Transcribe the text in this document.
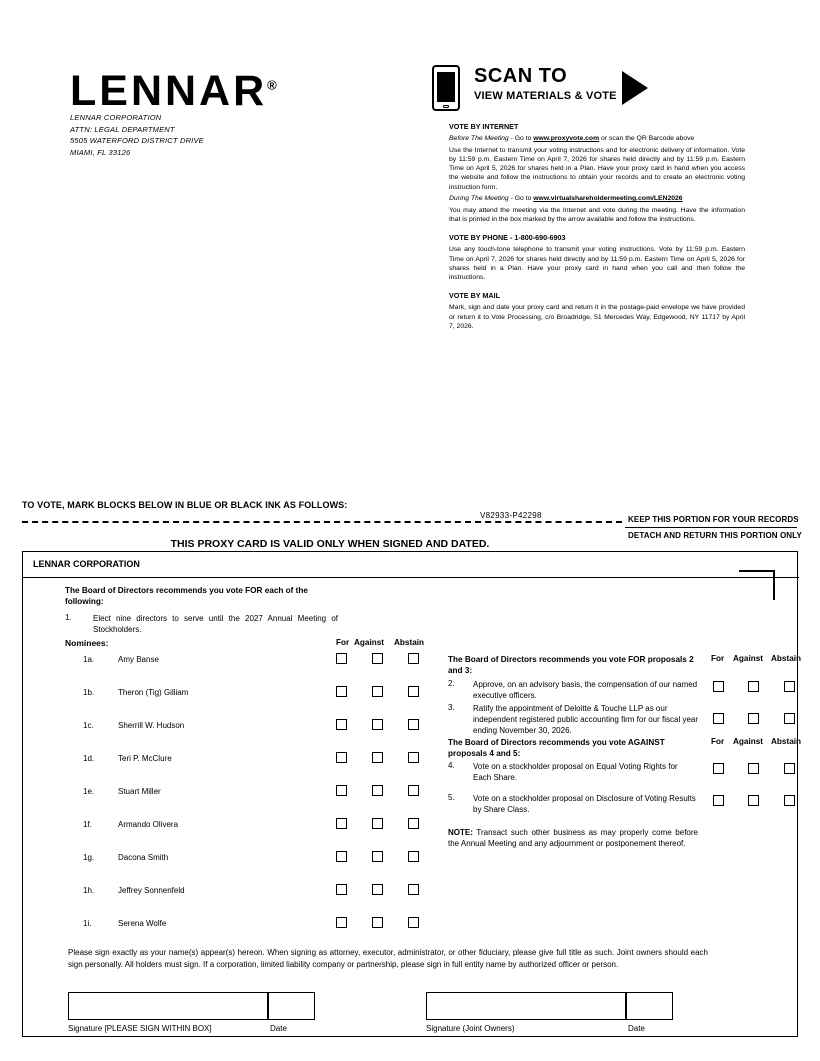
LENNAR®
LENNAR CORPORATION
ATTN: LEGAL DEPARTMENT
5505 WATERFORD DISTRICT DRIVE
MIAMI, FL 33126
SCAN TO
VIEW MATERIALS & VOTE
VOTE BY INTERNET

Before The Meeting - Go to www.proxyvote.com or scan the QR Barcode above

Use the Internet to transmit your voting instructions and for electronic delivery of information. Vote by 11:59 p.m. Eastern Time on April 7, 2026 for shares held directly and by 11:59 p.m. Eastern Time on April 5, 2026 for shares held in a Plan. Have your proxy card in hand when you access the website and follow the instructions to obtain your records and to create an electronic voting instruction form.

During The Meeting - Go to www.virtualshareholdermeeting.com/LEN2026

You may attend the meeting via the Internet and vote during the meeting. Have the information that is printed in the box marked by the arrow available and follow the instructions.

VOTE BY PHONE - 1-800-690-6903

Use any touch-tone telephone to transmit your voting instructions. Vote by 11:59 p.m. Eastern Time on April 7, 2026 for shares held directly and by 11:59 p.m. Eastern Time on April 5, 2026 for shares held in a Plan. Have your proxy card in hand when you call and then follow the instructions.

VOTE BY MAIL

Mark, sign and date your proxy card and return it in the postage-paid envelope we have provided or return it to Vote Processing, c/o Broadridge, 51 Mercedes Way, Edgewood, NY 11717 by April 7, 2026.

TO VOTE, MARK BLOCKS BELOW IN BLUE OR BLACK INK AS FOLLOWS:
V82933-P42298	KEEP THIS PORTION FOR YOUR RECORDS
DETACH AND RETURN THIS PORTION ONLY
THIS PROXY CARD IS VALID ONLY WHEN SIGNED AND DATED.
LENNAR CORPORATION
The Board of Directors recommends you vote FOR each of the following:
1.	Elect nine directors to serve until the 2027 Annual Meeting of Stockholders.
Nominees:	For Against Abstain
1a.	Amy Banse
1b.	Theron (Tig) Gilliam
1c.	Sherrill W. Hudson
1d.	Teri P. McClure
1e.	Stuart Miller
1f.	Armando Olivera
1g.	Dacona Smith
1h.	Jeffrey Sonnenfeld
1i.	Serena Wolfe
The Board of Directors recommends you vote FOR proposals 2 and 3:
For Against Abstain
2. Approve, on an advisory basis, the compensation of our named executive officers.
3. Ratify the appointment of Deloitte & Touche LLP as our independent registered public accounting firm for our fiscal year ending November 30, 2026.
The Board of Directors recommends you vote AGAINST proposals 4 and 5:
For Against Abstain
4. Vote on a stockholder proposal on Equal Voting Rights for Each Share.
5. Vote on a stockholder proposal on Disclosure of Voting Results by Share Class.
NOTE: Transact such other business as may properly come before the Annual Meeting and any adjournment or postponement thereof.
Please sign exactly as your name(s) appear(s) hereon. When signing as attorney, executor, administrator, or other fiduciary, please give full title as such. Joint owners should each sign personally. All holders must sign. If a corporation, limited liability company or partnership, please sign in full entity name by authorized officer or person.
Signature [PLEASE SIGN WITHIN BOX]	Date	Signature (Joint Owners)	Date
